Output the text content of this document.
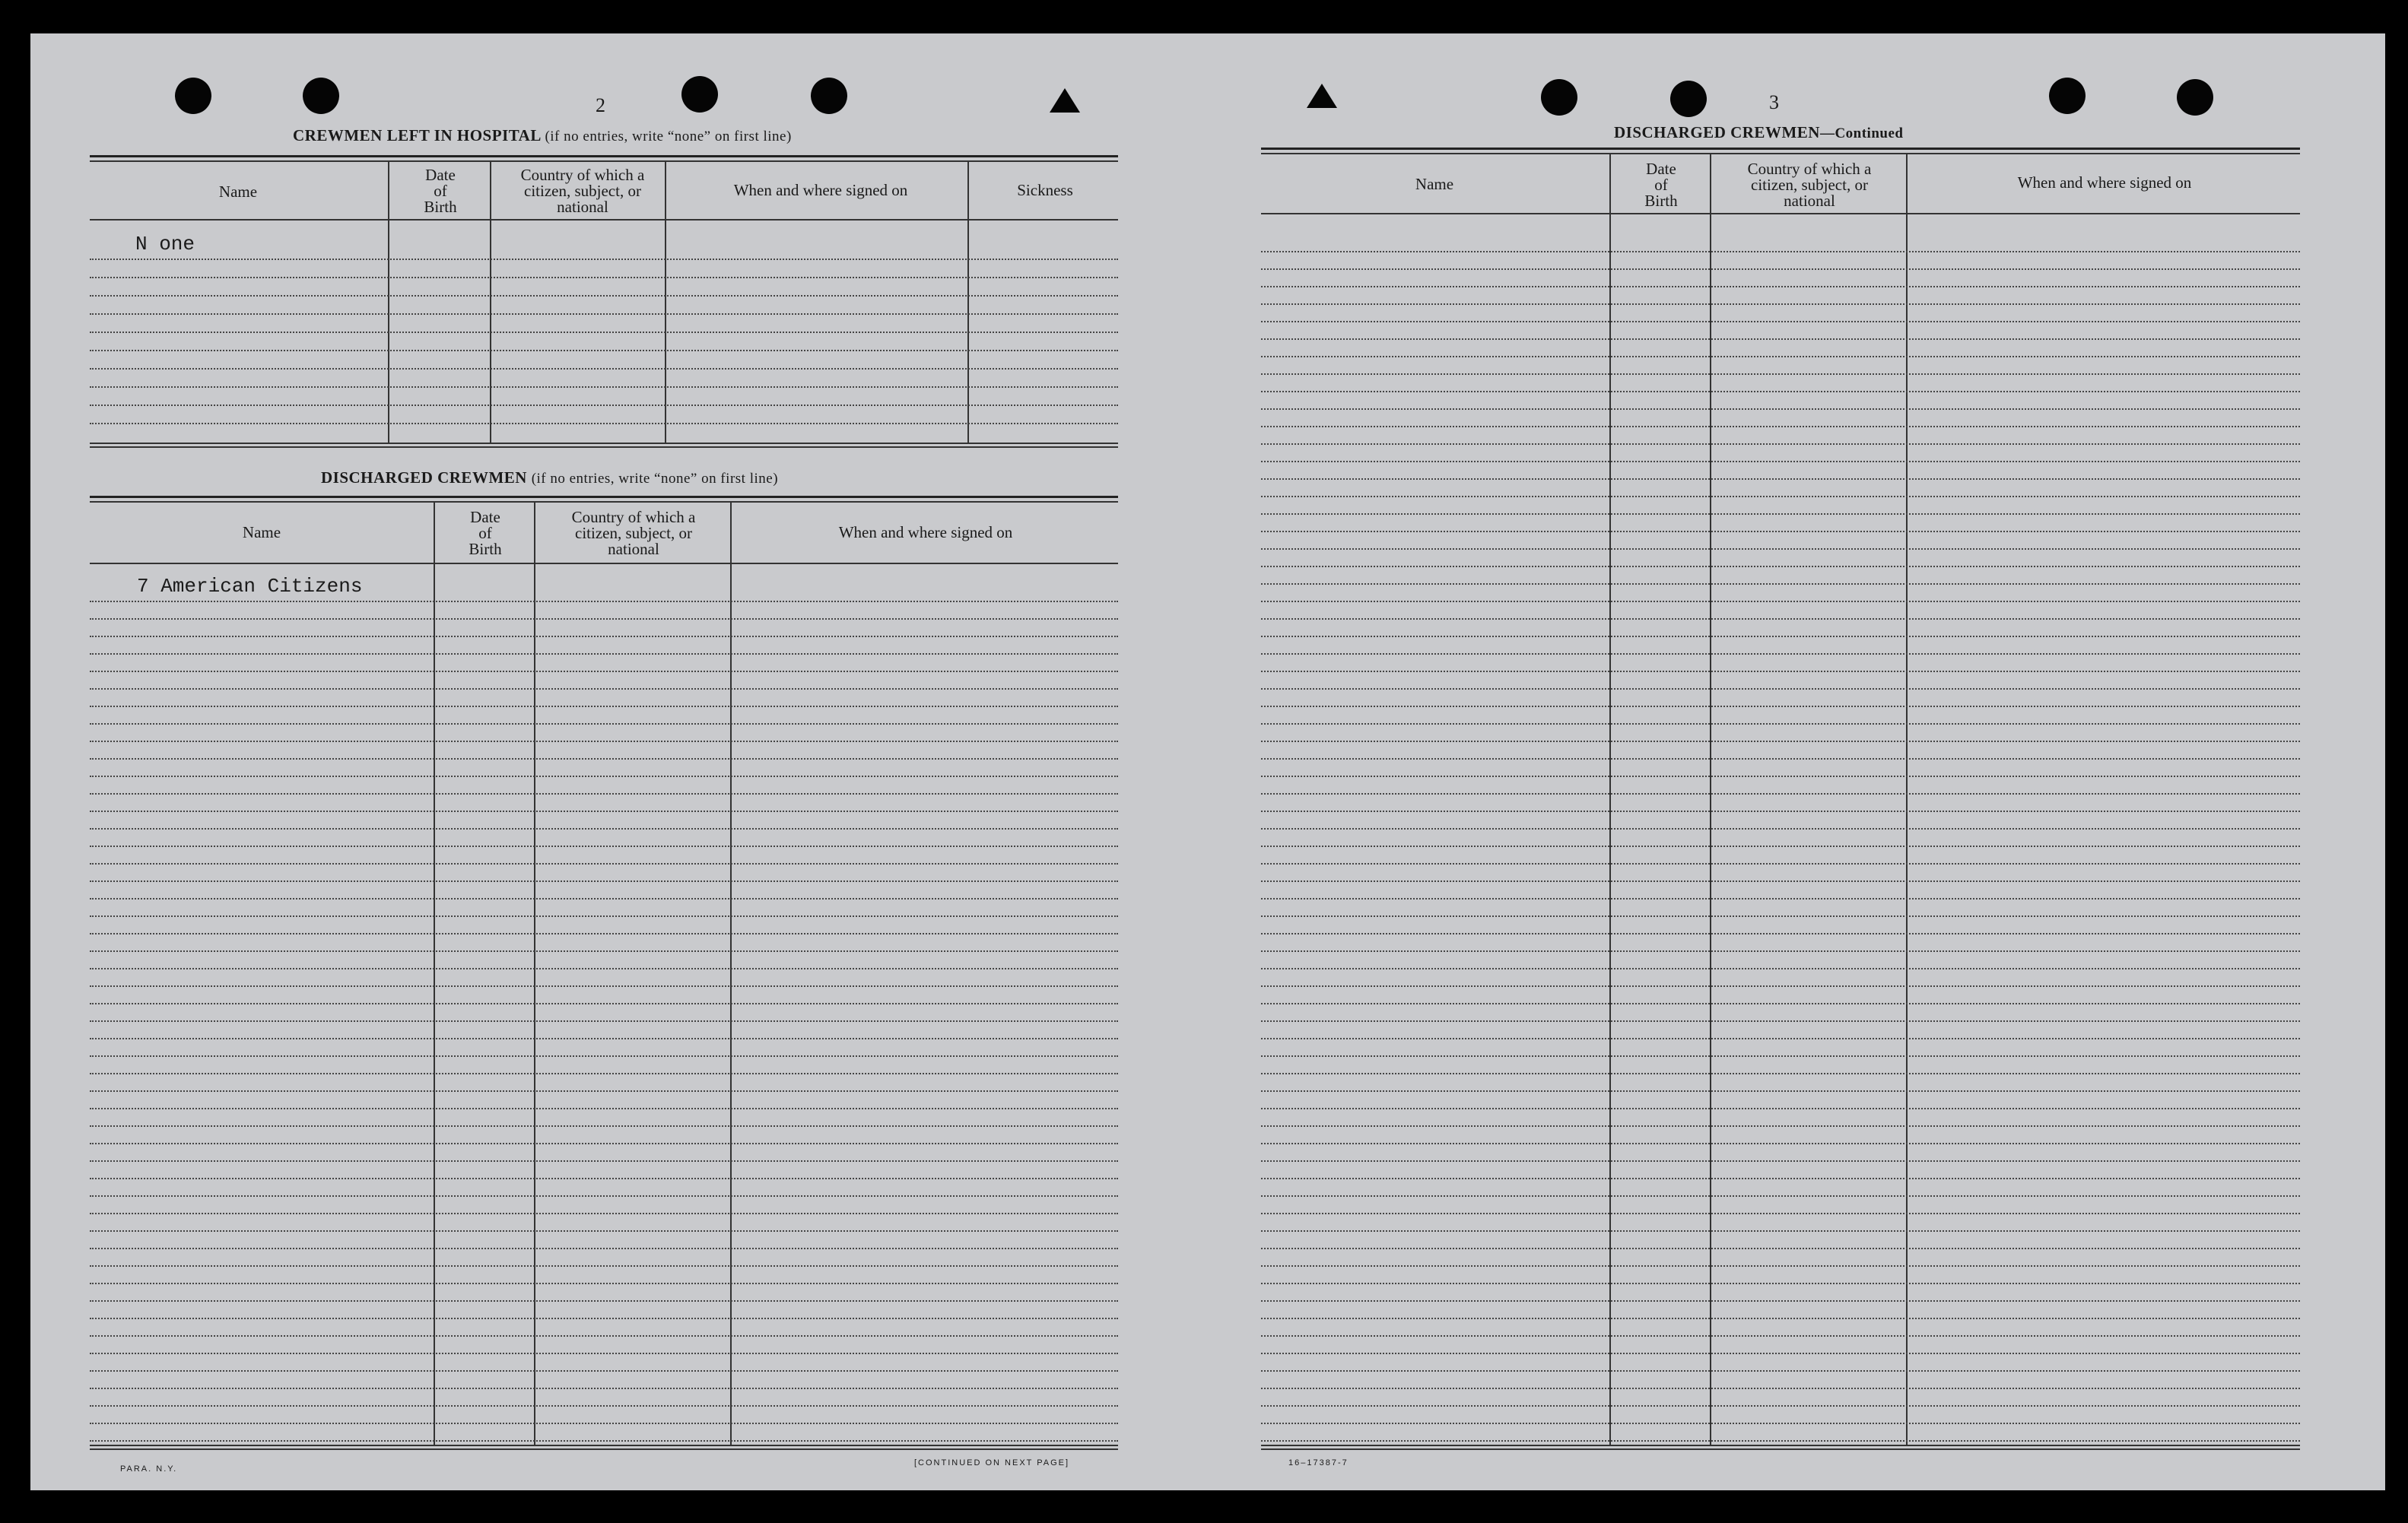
2
CREWMEN LEFT IN HOSPITAL (if no entries, write “none” on first line)
Name
Date
of
Birth
Country of which a
citizen, subject, or
national
When and where signed on	Sickness
N one
DISCHARGED CREWMEN (if no entries, write “none” on first line)
Name
Date
of
Birth
Country of which a
citizen, subject, or
national
When and where signed on
7 American Citizens
PARA. N.Y.
[CONTINUED ON NEXT PAGE]
3
DISCHARGED CREWMEN—Continued
Name
Date
of
Birth
Country of which a
citizen, subject, or
national
When and where signed on
16–17387-7
